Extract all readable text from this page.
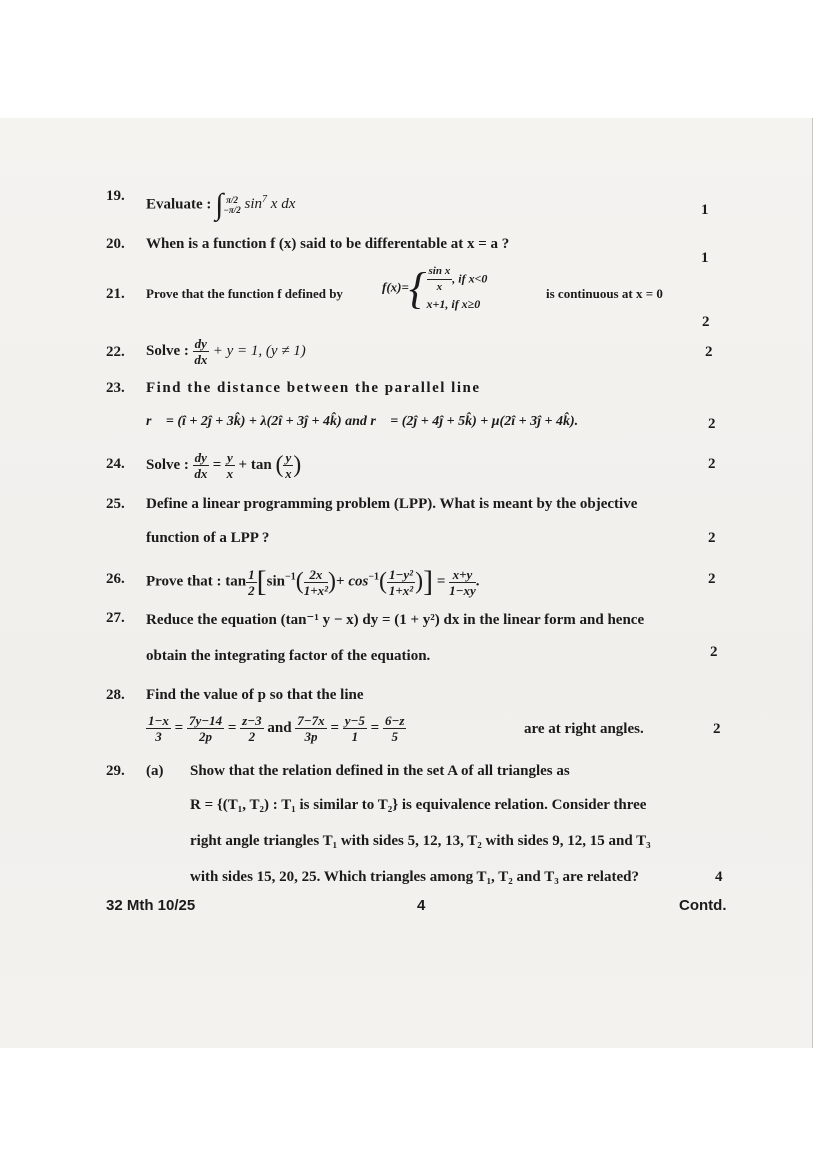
19.
Evaluate : ∫ π/2
−π/2 $\sin^7 x$ dx	1
20. When is a function f (x) said to be differentable at x = a ?
1
21. Prove that the function f defined by	$f(x)=\{ \frac{\text{sin x}}{x}$ , if x<0
x+1, if x≥0
is continuous at x = 0
2
22. Solve : $\frac{dy}{dx} + y = 1$, (y ≠ 1)	2
23. Find the distance between the parallel line
r⃗ = (î + 2ĵ + 3k̂) + λ(2î + 3ĵ + 4k̂) and r⃗ = (2ĵ + 4ĵ + 5k̂) + μ(2î + 3ĵ + 4k̂).	2
24. Solve : $\frac{dy}{dx} = \frac{y}{x} + \tan$ ( $\frac{y}{x}$ )	2
25. Define a linear programming problem (LPP). What is meant by the objective
function of a LPP ?	2
26. Prove that : $\tan \frac{1}{2} [\sin^{-1}( \frac{2x}{\text{1+x²}}$ )+ $\cos^{-1}( \frac{\text{1−y²}}{\text{1+x²}}$ )] = $\frac{x+y}{1-xy}$ .	2
27. Reduce the equation (tan⁻¹ y − x) dy = (1 + y²) dx in the linear form and hence
obtain the integrating factor of the equation.	2
28. Find the value of p so that the line
$\frac{1-x}{3} = \frac{7y-14}{2p} = \frac{z-3}{2}$ and $\frac{7-7x}{3p} = \frac{y-5}{1} = \frac{6-z}{5}$	are at right angles.	2
29. (a) Show that the relation defined in the set A of all triangles as
R = {(T₁, T₂) : T₁ is similar to T₂} is equivalence relation. Consider three
right angle triangles T₁ with sides 5, 12, 13, T₂ with sides 9, 12, 15 and T₃
with sides 15, 20, 25. Which triangles among T₁, T₂ and T₃ are related?	4
32 Mth 10/25	4	Contd.
